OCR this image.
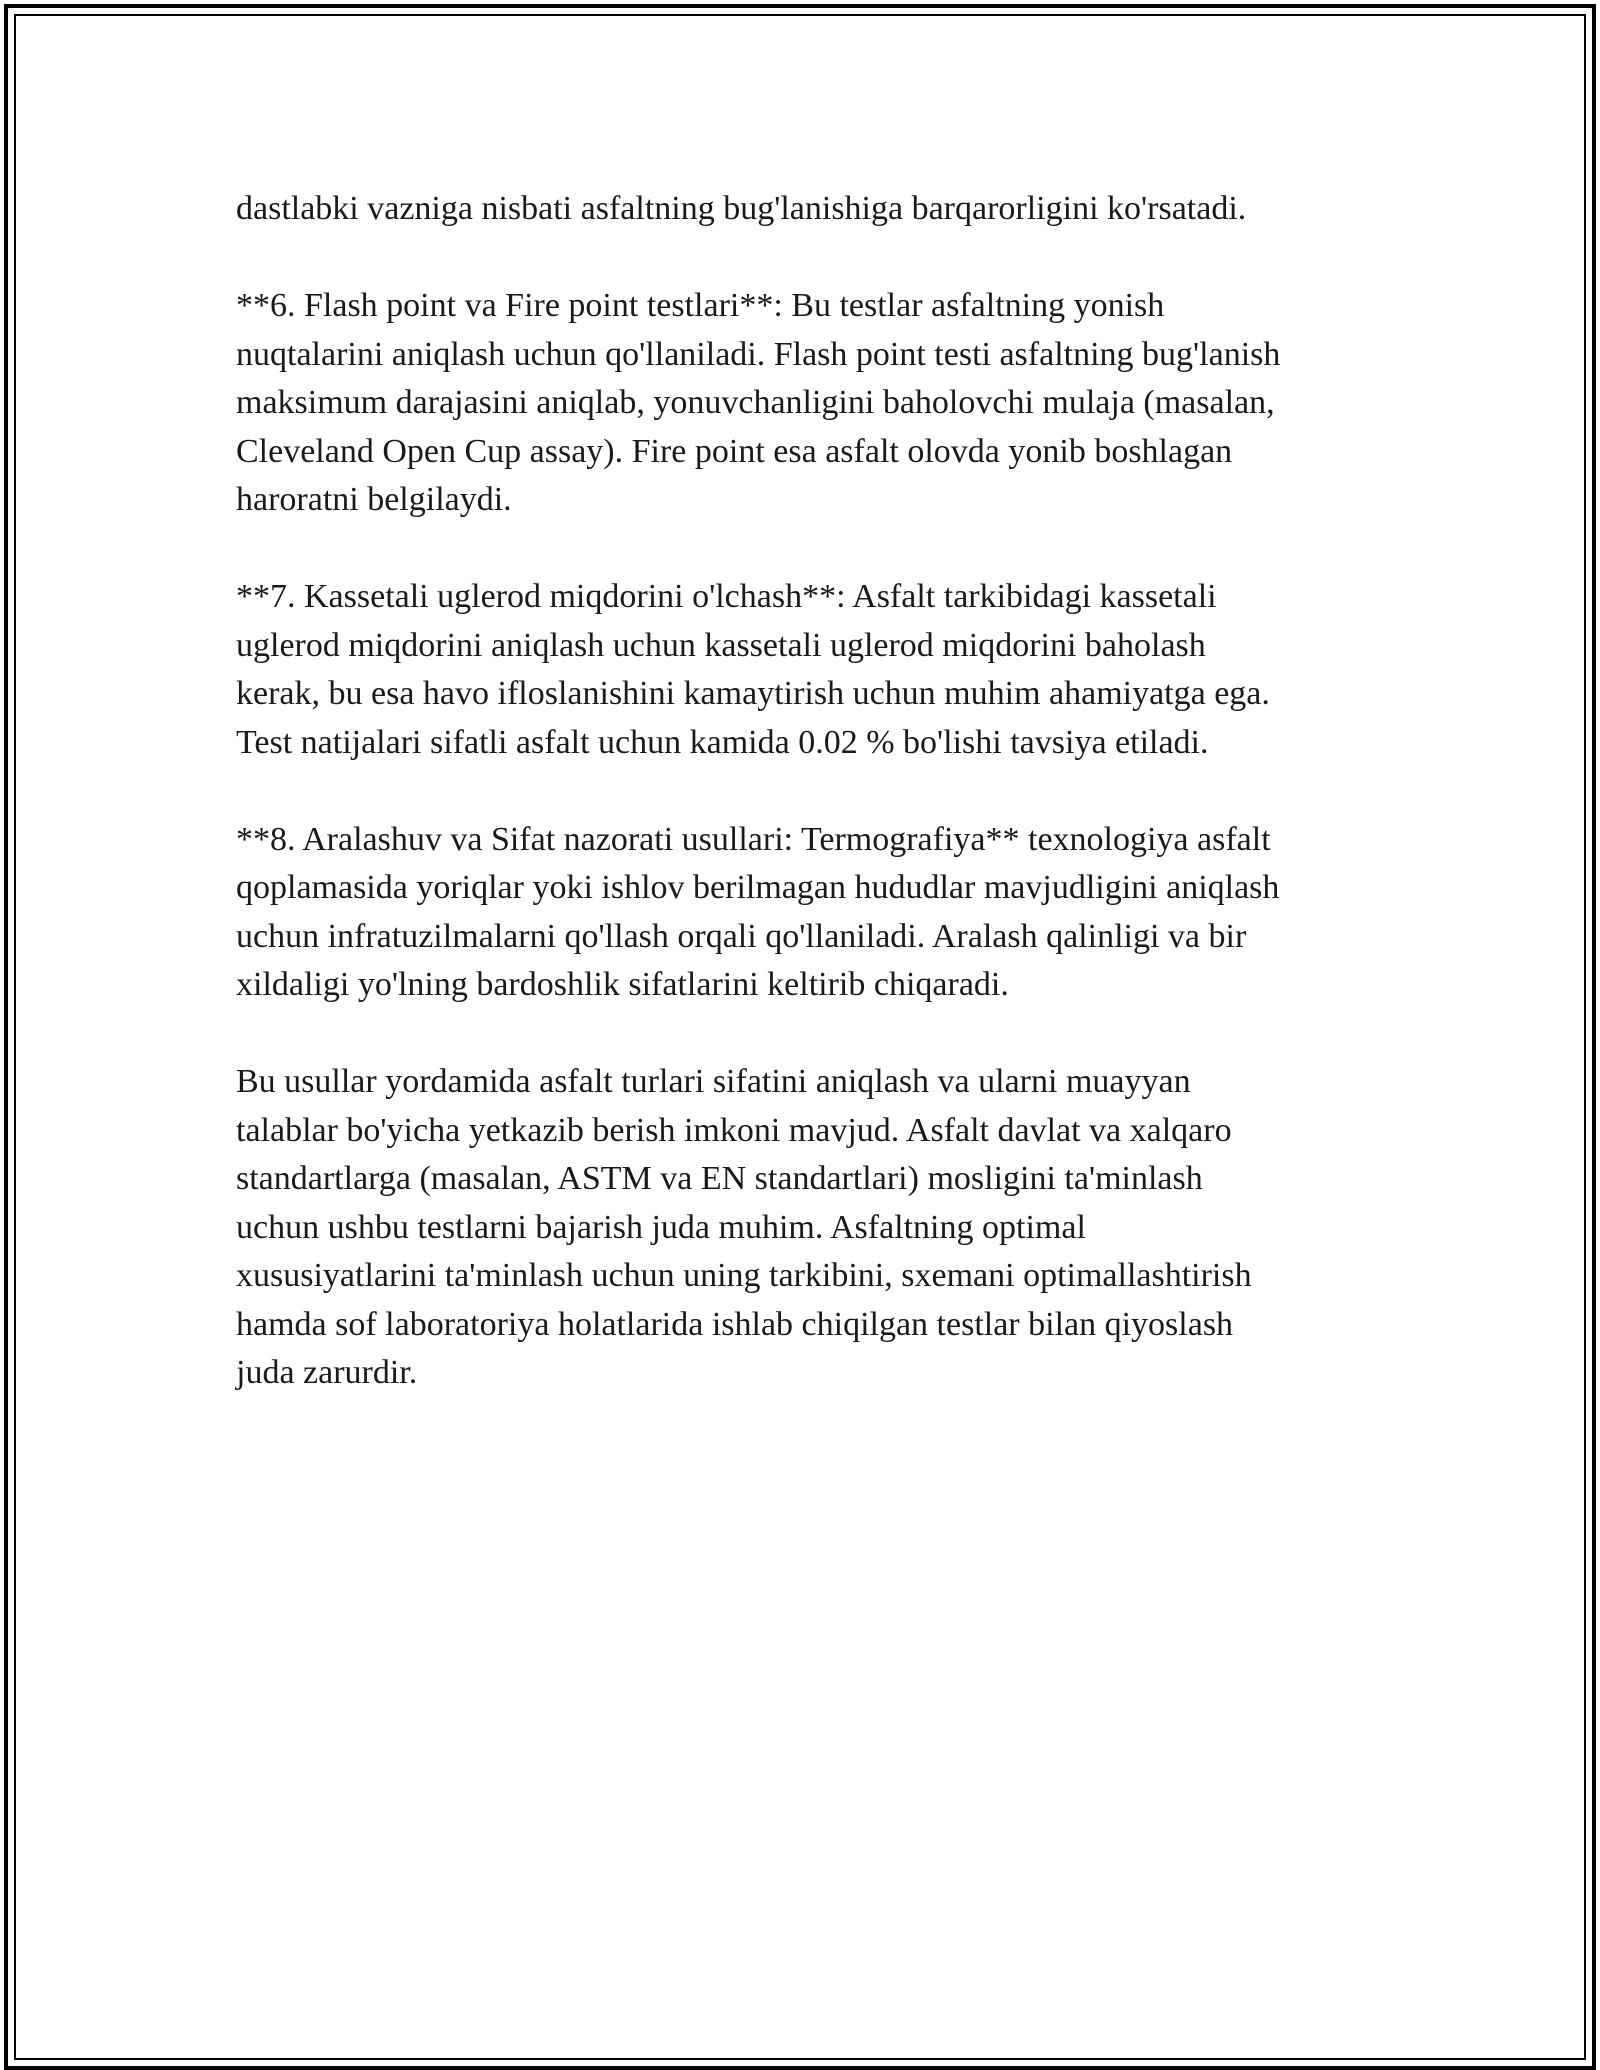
dastlabki vazniga nisbati asfaltning bug'lanishiga barqarorligini ko'rsatadi.

**6. Flash point va Fire point testlari**: Bu testlar asfaltning yonish
nuqtalarini aniqlash uchun qo'llaniladi. Flash point testi asfaltning bug'lanish
maksimum darajasini aniqlab, yonuvchanligini baholovchi mulaja (masalan,
Cleveland Open Cup assay). Fire point esa asfalt olovda yonib boshlagan
haroratni belgilaydi.

**7. Kassetali uglerod miqdorini o'lchash**: Asfalt tarkibidagi kassetali
uglerod miqdorini aniqlash uchun kassetali uglerod miqdorini baholash
kerak, bu esa havo ifloslanishini kamaytirish uchun muhim ahamiyatga ega.
Test natijalari sifatli asfalt uchun kamida 0.02 % bo'lishi tavsiya etiladi.

**8. Aralashuv va Sifat nazorati usullari: Termografiya** texnologiya asfalt
qoplamasida yoriqlar yoki ishlov berilmagan hududlar mavjudligini aniqlash
uchun infratuzilmalarni qo'llash orqali qo'llaniladi. Aralash qalinligi va bir
xildaligi yo'lning bardoshlik sifatlarini keltirib chiqaradi.

Bu usullar yordamida asfalt turlari sifatini aniqlash va ularni muayyan
talablar bo'yicha yetkazib berish imkoni mavjud. Asfalt davlat va xalqaro
standartlarga (masalan, ASTM va EN standartlari) mosligini ta'minlash
uchun ushbu testlarni bajarish juda muhim. Asfaltning optimal
xususiyatlarini ta'minlash uchun uning tarkibini, sxemani optimallashtirish
hamda sof laboratoriya holatlarida ishlab chiqilgan testlar bilan qiyoslash
juda zarurdir.
